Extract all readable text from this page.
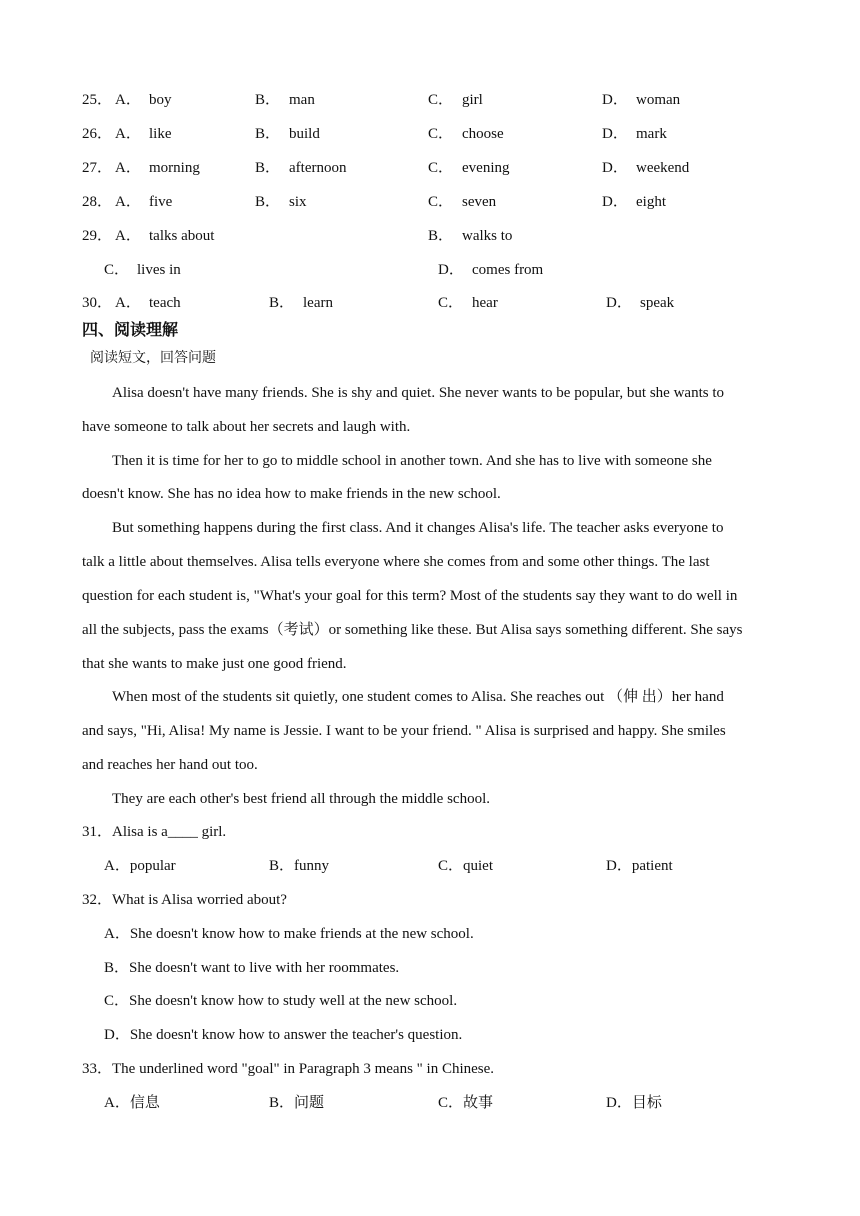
25． A． boy	B． man	C． girl	D． woman
26． A． like	B． build	C． choose	D． mark
27． A． morning	B． afternoon	C． evening	D． weekend
28． A． five	B． six	C． seven	D． eight
29． A． talks about	B． walks to
C． lives in	D． comes from
30． A． teach	B． learn	C． hear	D． speak
四、阅读理解
阅读短文，回答问题
Alisa doesn't have many friends. She is shy and quiet. She never wants to be popular, but she wants to
have someone to talk about her secrets and laugh with.
Then it is time for her to go to middle school in another town. And she has to live with someone she
doesn't know. She has no idea how to make friends in the new school.
But something happens during the first class. And it changes Alisa's life. The teacher asks everyone to
talk a little about themselves. Alisa tells everyone where she comes from and some other things. The last
question for each student is, "What's your goal for this term? Most of the students say they want to do well in
all the subjects, pass the exams（考试）or something like these. But Alisa says something different. She says
that she wants to make just one good friend.
When most of the students sit quietly, one student comes to Alisa. She reaches out （伸 出）her hand
and says, "Hi, Alisa! My name is Jessie. I want to be your friend. " Alisa is surprised and happy. She smiles
and reaches her hand out too.
They are each other's best friend all through the middle school.
31．Alisa is a____ girl.
A．popular	B．funny	C．quiet	D．patient
32．What is Alisa worried about?
A．She doesn't know how to make friends at the new school.
B．She doesn't want to live with her roommates.
C．She doesn't know how to study well at the new school.
D．She doesn't know how to answer the teacher's question.
33．The underlined word "goal" in Paragraph 3 means " in Chinese.
A．信息	B．问题	C．故事	D．目标
